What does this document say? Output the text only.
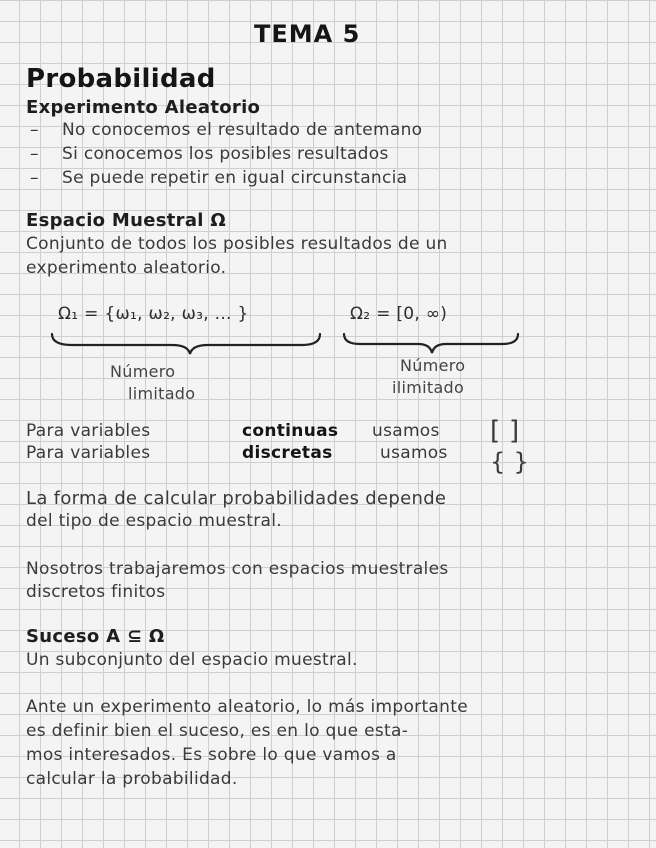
TEMA 5
Probabilidad
Experimento Aleatorio
– No conocemos el resultado de antemano
– Si conocemos los posibles resultados
– Se puede repetir en igual circunstancia
Espacio Muestral Ω
Conjunto de todos los posibles resultados de un
experimento aleatorio.
Ω₁ = {ω₁, ω₂, ω₃, ... }	Ω₂ = [0, ∞)
Número
limitado
Número
ilimitado
Para variables	continuas usamos [ ]
Para variables	discretas	usamos { }
La forma de calcular probabilidades depende
del tipo de espacio muestral.
Nosotros trabajaremos con espacios muestrales
discretos finitos
Suceso A ⊆ Ω
Un subconjunto del espacio muestral.
Ante un experimento aleatorio, lo más importante
es definir bien el suceso, es en lo que esta-
mos interesados. Es sobre lo que vamos a
calcular la probabilidad.
